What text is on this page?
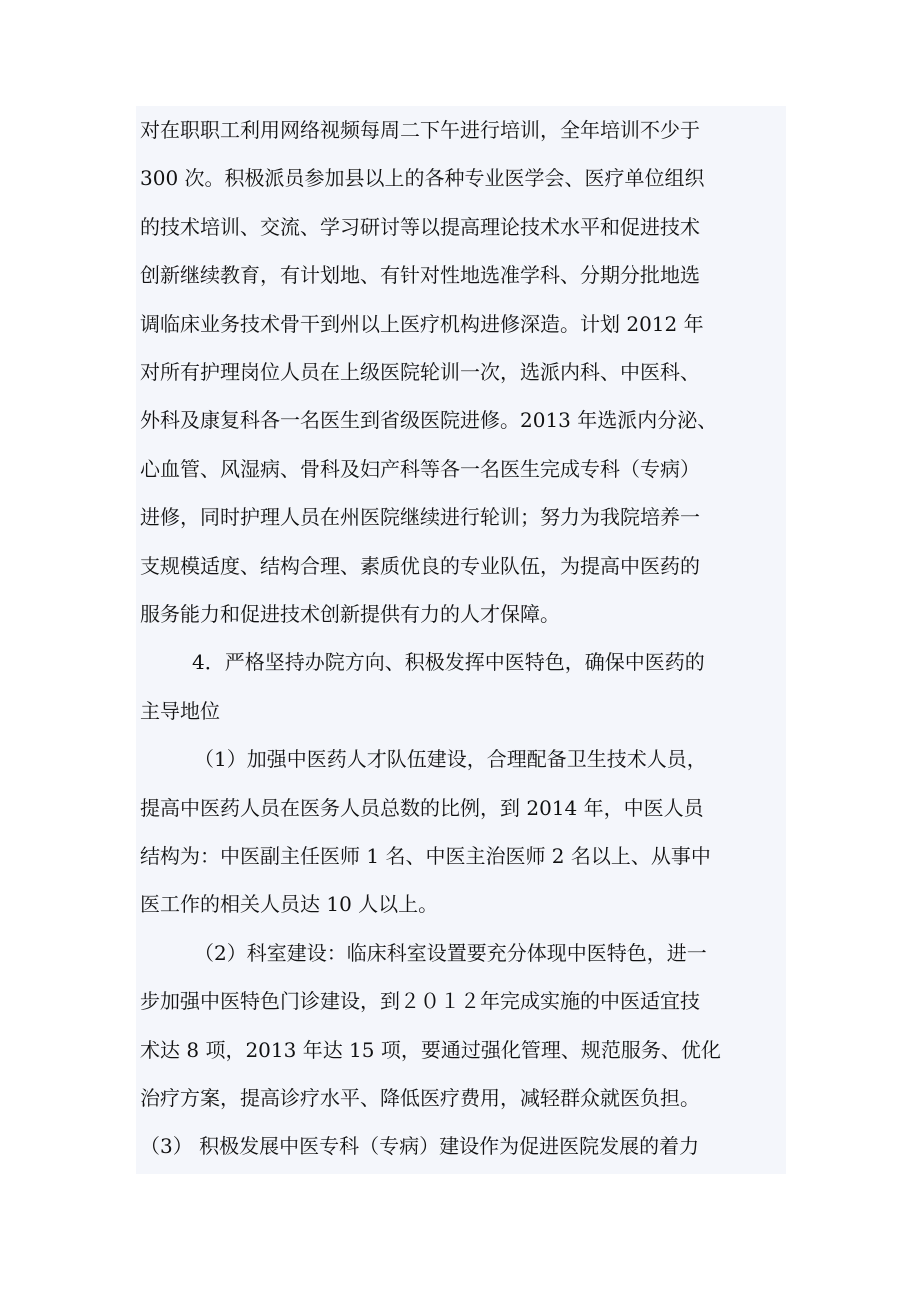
对在职职工利用网络视频每周二下午进行培训，全年培训不少于
300 次。积极派员参加县以上的各种专业医学会、医疗单位组织
的技术培训、交流、学习研讨等以提高理论技术水平和促进技术
创新继续教育，有计划地、有针对性地选准学科、分期分批地选
调临床业务技术骨干到州以上医疗机构进修深造。计划 2012 年
对所有护理岗位人员在上级医院轮训一次，选派内科、中医科、
外科及康复科各一名医生到省级医院进修。2013 年选派内分泌、
心血管、风湿病、骨科及妇产科等各一名医生完成专科（专病）
进修，同时护理人员在州医院继续进行轮训；努力为我院培养一
支规模适度、结构合理、素质优良的专业队伍，为提高中医药的
服务能力和促进技术创新提供有力的人才保障。
4．严格坚持办院方向、积极发挥中医特色，确保中医药的
主导地位
（1）加强中医药人才队伍建设，合理配备卫生技术人员，
提高中医药人员在医务人员总数的比例，到 2014 年，中医人员
结构为：中医副主任医师 1 名、中医主治医师 2 名以上、从事中
医工作的相关人员达 10 人以上。
（2）科室建设：临床科室设置要充分体现中医特色，进一
步加强中医特色门诊建设，到２０１２年完成实施的中医适宜技
术达 8 项，2013 年达 15 项，要通过强化管理、规范服务、优化
治疗方案，提高诊疗水平、降低医疗费用，减轻群众就医负担。
（3） 积极发展中医专科（专病）建设作为促进医院发展的着力
